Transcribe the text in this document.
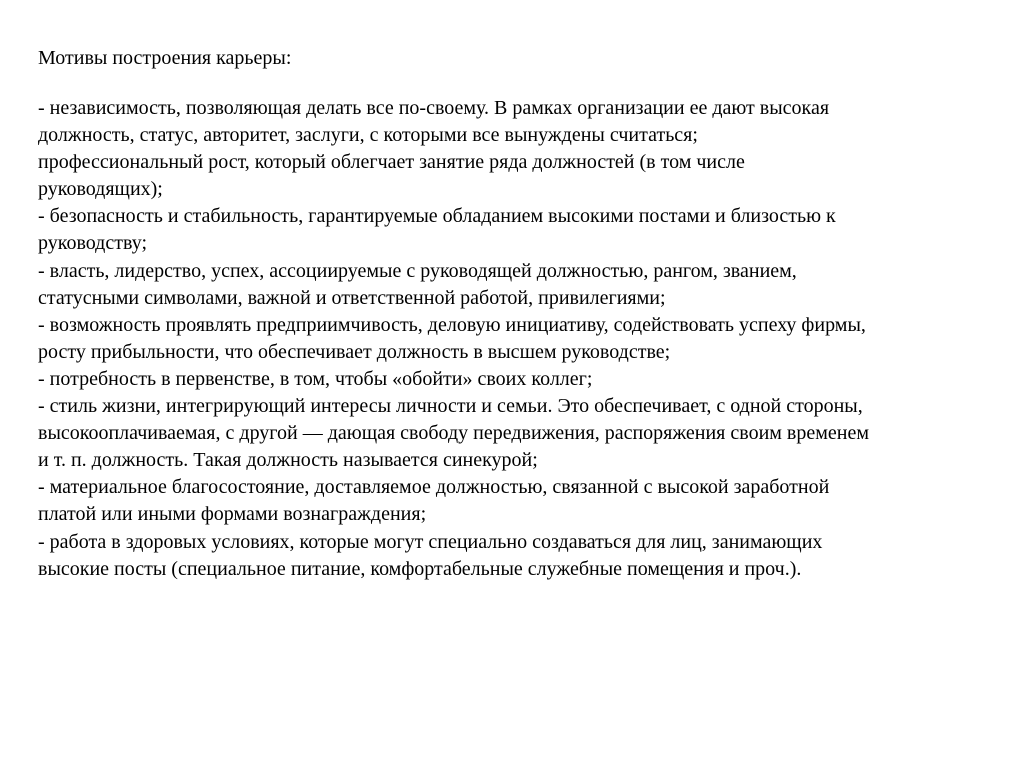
Мотивы построения карьеры:
- независимость, позволяющая делать все по-своему. В рамках организации ее дают высокая
должность, статус, авторитет, заслуги, с которыми все вынуждены считаться;
профессиональный рост, который облегчает занятие ряда должностей (в том числе
руководящих);
- безопасность и стабильность, гарантируемые обладанием высокими постами и близостью к
руководству;
- власть, лидерство, успех, ассоциируемые с руководящей должностью, рангом, званием,
статусными символами, важной и ответственной работой, привилегиями;
- возможность проявлять предприимчивость, деловую инициативу, содействовать успеху фирмы,
росту прибыльности, что обеспечивает должность в высшем руководстве;
- потребность в первенстве, в том, чтобы «обойти» своих коллег;
- стиль жизни, интегрирующий интересы личности и семьи. Это обеспечивает, с одной стороны,
высокооплачиваемая, с другой — дающая свободу передвижения, распоряжения своим временем
и т. п. должность. Такая должность называется синекурой;
- материальное благосостояние, доставляемое должностью, связанной с высокой заработной
платой или иными формами вознаграждения;
- работа в здоровых условиях, которые могут специально создаваться для лиц, занимающих
высокие посты (специальное питание, комфортабельные служебные помещения и проч.).
